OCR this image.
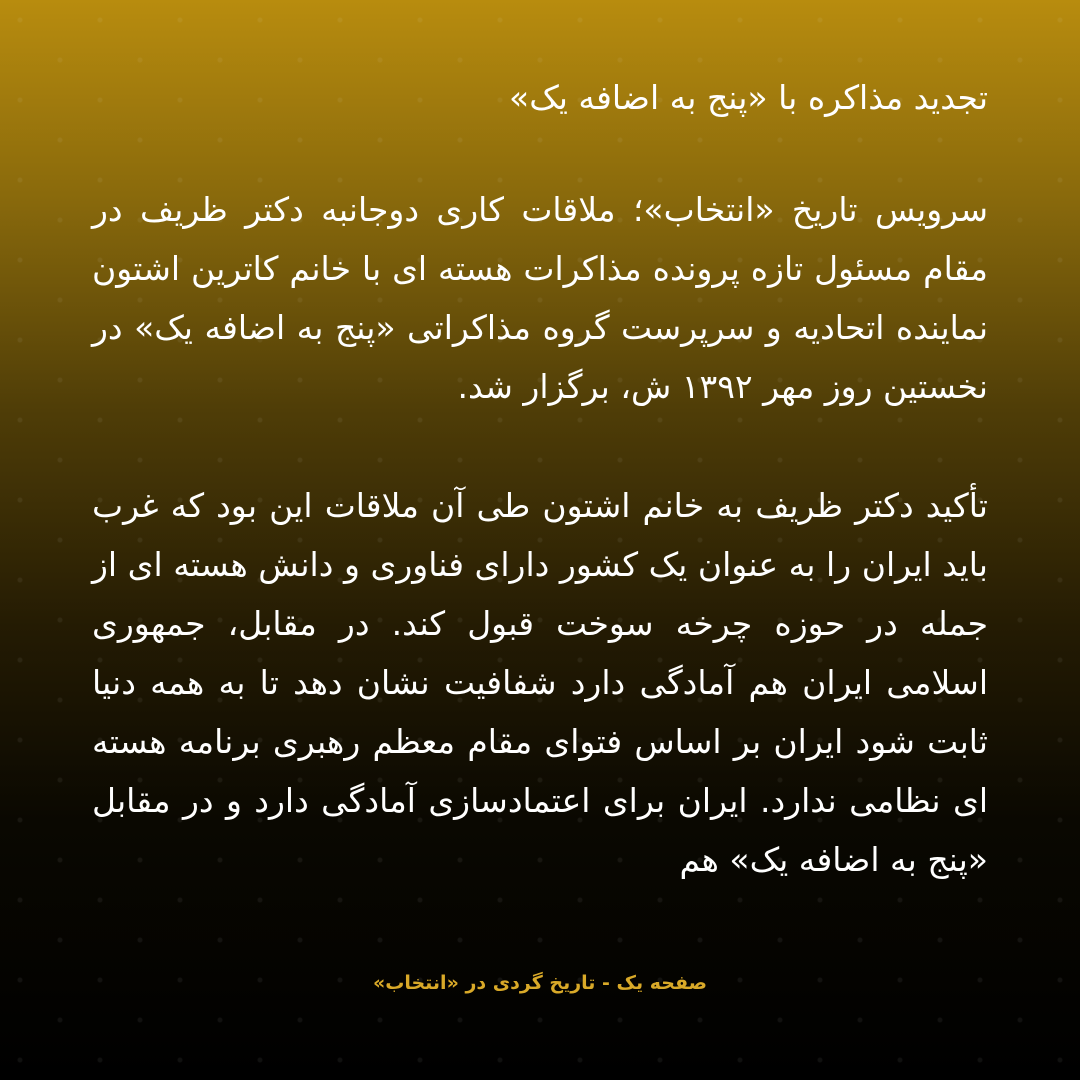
تجدید مذاکره با «پنج به اضافه یک»

سرویس تاریخ «انتخاب»؛ ملاقات کاری دوجانبه دکتر ظریف در مقام مسئول تازه پرونده مذاکرات هسته ای با خانم کاترین اشتون نماینده اتحادیه و سرپرست گروه مذاکراتی «پنج به اضافه یک» در نخستین روز مهر ۱۳۹۲ ش، برگزار شد.

تأکید دکتر ظریف به خانم اشتون طی آن ملاقات این بود که غرب باید ایران را به عنوان یک کشور دارای فناوری و دانش هسته ای از جمله در حوزه چرخه سوخت قبول کند. در مقابل، جمهوری اسلامی ایران هم آمادگی دارد شفافیت نشان دهد تا به همه دنیا ثابت شود ایران بر اساس فتوای مقام معظم رهبری برنامه هسته ای نظامی ندارد. ایران برای اعتمادسازی آمادگی دارد و در مقابل «پنج به اضافه یک» هم

صفحه یک - تاریخ گردی در «انتخاب»
